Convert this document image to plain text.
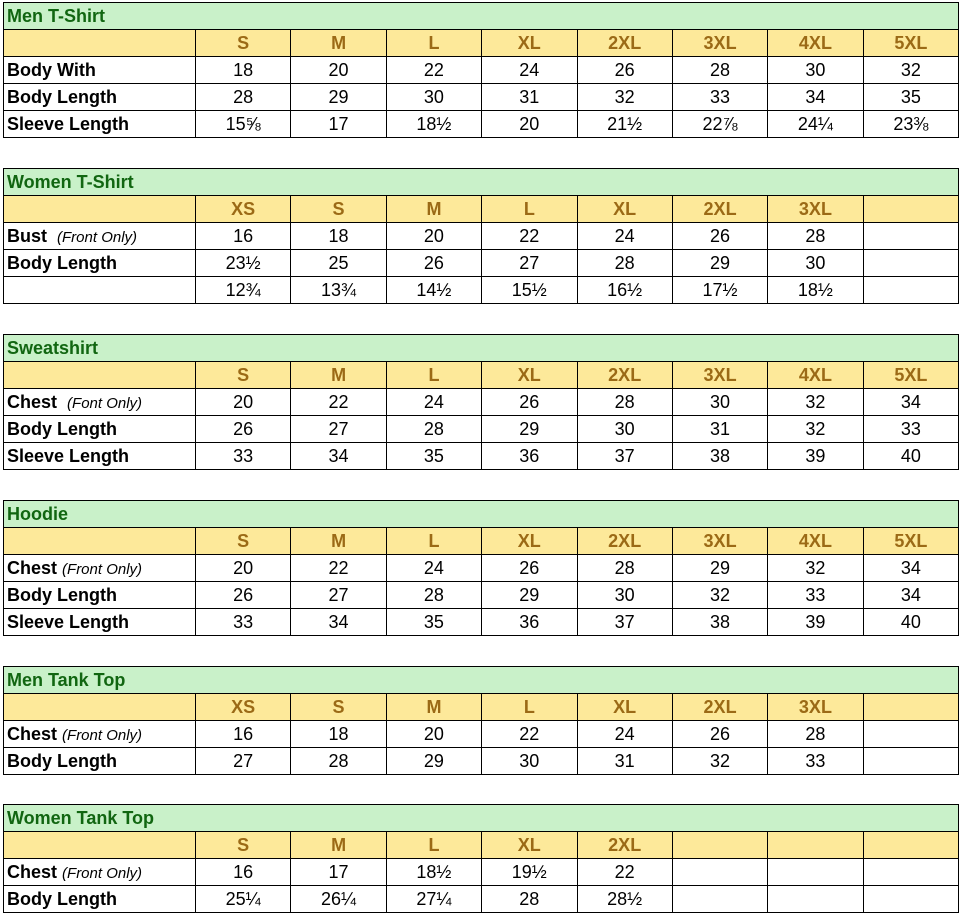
Men T-Shirt								
	S	M	L	XL	2XL	3XL	4XL	5XL
Body With	18	20	22	24	26	28	30	32
Body Length	28	29	30	31	32	33	34	35
Sleeve Length	15⅝	17	18½	20	21½	22⅞	24¼	23⅜
Women T-Shirt								
	XS	S	M	L	XL	2XL	3XL	
Bust (Front Only)	16	18	20	22	24	26	28	
Body Length	23½	25	26	27	28	29	30	
	12¾	13¾	14½	15½	16½	17½	18½	
Sweatshirt								
	S	M	L	XL	2XL	3XL	4XL	5XL
Chest (Font Only)	20	22	24	26	28	30	32	34
Body Length	26	27	28	29	30	31	32	33
Sleeve Length	33	34	35	36	37	38	39	40
Hoodie								
	S	M	L	XL	2XL	3XL	4XL	5XL
Chest (Front Only)	20	22	24	26	28	29	32	34
Body Length	26	27	28	29	30	32	33	34
Sleeve Length	33	34	35	36	37	38	39	40
Men Tank Top								
	XS	S	M	L	XL	2XL	3XL	
Chest (Front Only)	16	18	20	22	24	26	28	
Body Length	27	28	29	30	31	32	33	
Women Tank Top								
	S	M	L	XL	2XL			
Chest (Front Only)	16	17	18½	19½	22			
Body Length	25¼	26¼	27¼	28	28½			
